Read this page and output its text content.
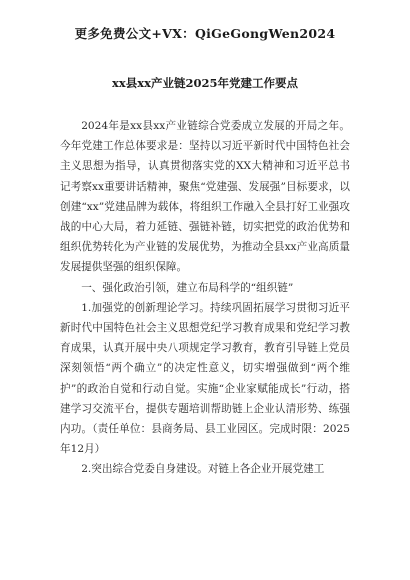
更多免费公文+VX：QiGeGongWen2024
xx县xx产业链2025年党建工作要点

2024年是xx县xx产业链综合党委成立发展的开局之年。今年党建工作总体要求是：坚持以习近平新时代中国特色社会主义思想为指导，认真贯彻落实党的XX大精神和习近平总书记考察xx重要讲话精神，聚焦“党建强、发展强”目标要求，以创建“xx”党建品牌为载体，将组织工作融入全县打好工业强攻战的中心大局，着力延链、强链补链，切实把党的政治优势和组织优势转化为产业链的发展优势，为推动全县xx产业高质量发展提供坚强的组织保障。

一、强化政治引领，建立布局科学的“组织链”

1.加强党的创新理论学习。持续巩固拓展学习贯彻习近平新时代中国特色社会主义思想党纪学习教育成果和党纪学习教育成果，认真开展中央八项规定学习教育，教育引导链上党员深刻领悟“两个确立”的决定性意义，切实增强做到“两个维护”的政治自觉和行动自觉。实施“企业家赋能成长”行动，搭建学习交流平台，提供专题培训帮助链上企业认清形势、练强内功。（责任单位：县商务局、县工业园区。完成时限：2025年12月）

2.突出综合党委自身建设。对链上各企业开展党建工
